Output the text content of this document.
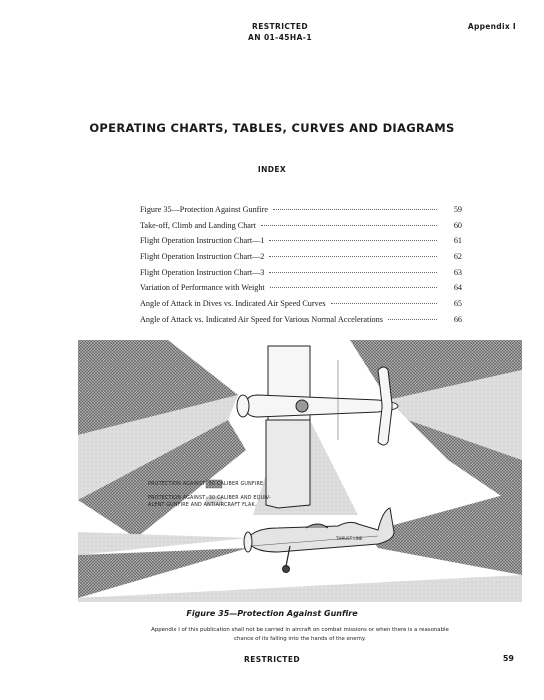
RESTRICTED
AN 01-45HA-1
Appendix I
OPERATING CHARTS, TABLES, CURVES AND DIAGRAMS
INDEX
Figure 35—Protection Against Gunfire	59
Take-off, Climb and Landing Chart	60
Flight Operation Instruction Chart—1	61
Flight Operation Instruction Chart—2	62
Flight Operation Instruction Chart—3	63
Variation of Performance with Weight	64
Angle of Attack in Dives vs. Indicated Air Speed Curves	65
Angle of Attack vs. Indicated Air Speed for Various Normal Accelerations	66
PROTECTION AGAINST .50 CALIBER GUNFIRE.
PROTECTION AGAINST .30 CALIBER AND EQUIV-
ALENT GUNFIRE AND ANTIAIRCRAFT FLAK.
THRUST LINE
Figure 35—Protection Against Gunfire
Appendix I of this publication shall not be carried in aircraft on combat missions or when there is a reasonable chance of its falling into the hands of the enemy.
RESTRICTED	59
